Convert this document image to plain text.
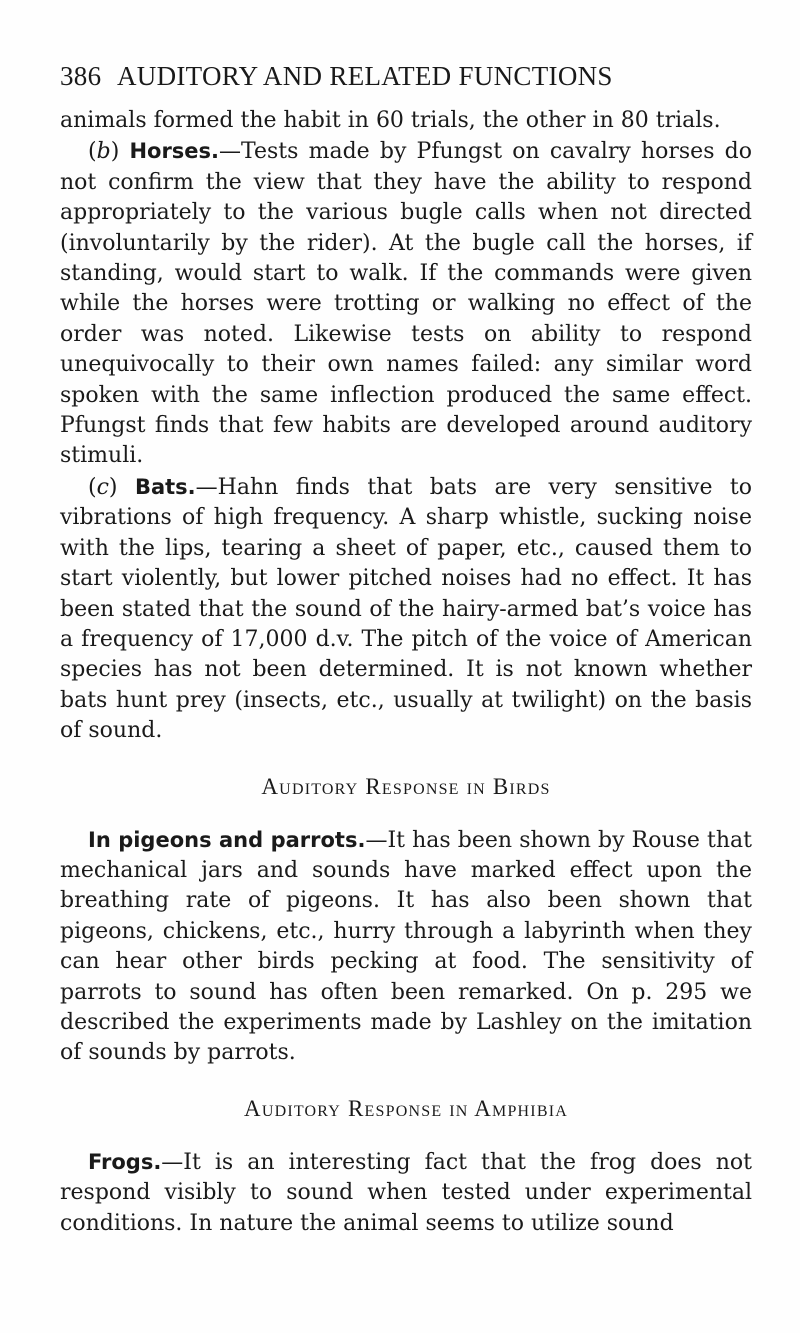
386 AUDITORY AND RELATED FUNCTIONS

animals formed the habit in 60 trials, the other in 80 trials.

(b) Horses.—Tests made by Pfungst on cavalry horses do not confirm the view that they have the ability to respond appropriately to the various bugle calls when not directed (involuntarily by the rider). At the bugle call the horses, if standing, would start to walk. If the commands were given while the horses were trotting or walking no effect of the order was noted. Likewise tests on ability to respond unequivocally to their own names failed: any similar word spoken with the same inflection produced the same effect. Pfungst finds that few habits are developed around auditory stimuli.

(c) Bats.—Hahn finds that bats are very sensitive to vibrations of high frequency. A sharp whistle, sucking noise with the lips, tearing a sheet of paper, etc., caused them to start violently, but lower pitched noises had no effect. It has been stated that the sound of the hairy-armed bat’s voice has a frequency of 17,000 d.v. The pitch of the voice of American species has not been determined. It is not known whether bats hunt prey (insects, etc., usually at twilight) on the basis of sound.

Auditory Response in Birds

In pigeons and parrots.—It has been shown by Rouse that mechanical jars and sounds have marked effect upon the breathing rate of pigeons. It has also been shown that pigeons, chickens, etc., hurry through a labyrinth when they can hear other birds pecking at food. The sensitivity of parrots to sound has often been remarked. On p. 295 we described the experiments made by Lashley on the imitation of sounds by parrots.

Auditory Response in Amphibia

Frogs.—It is an interesting fact that the frog does not respond visibly to sound when tested under experimental conditions. In nature the animal seems to utilize sound
